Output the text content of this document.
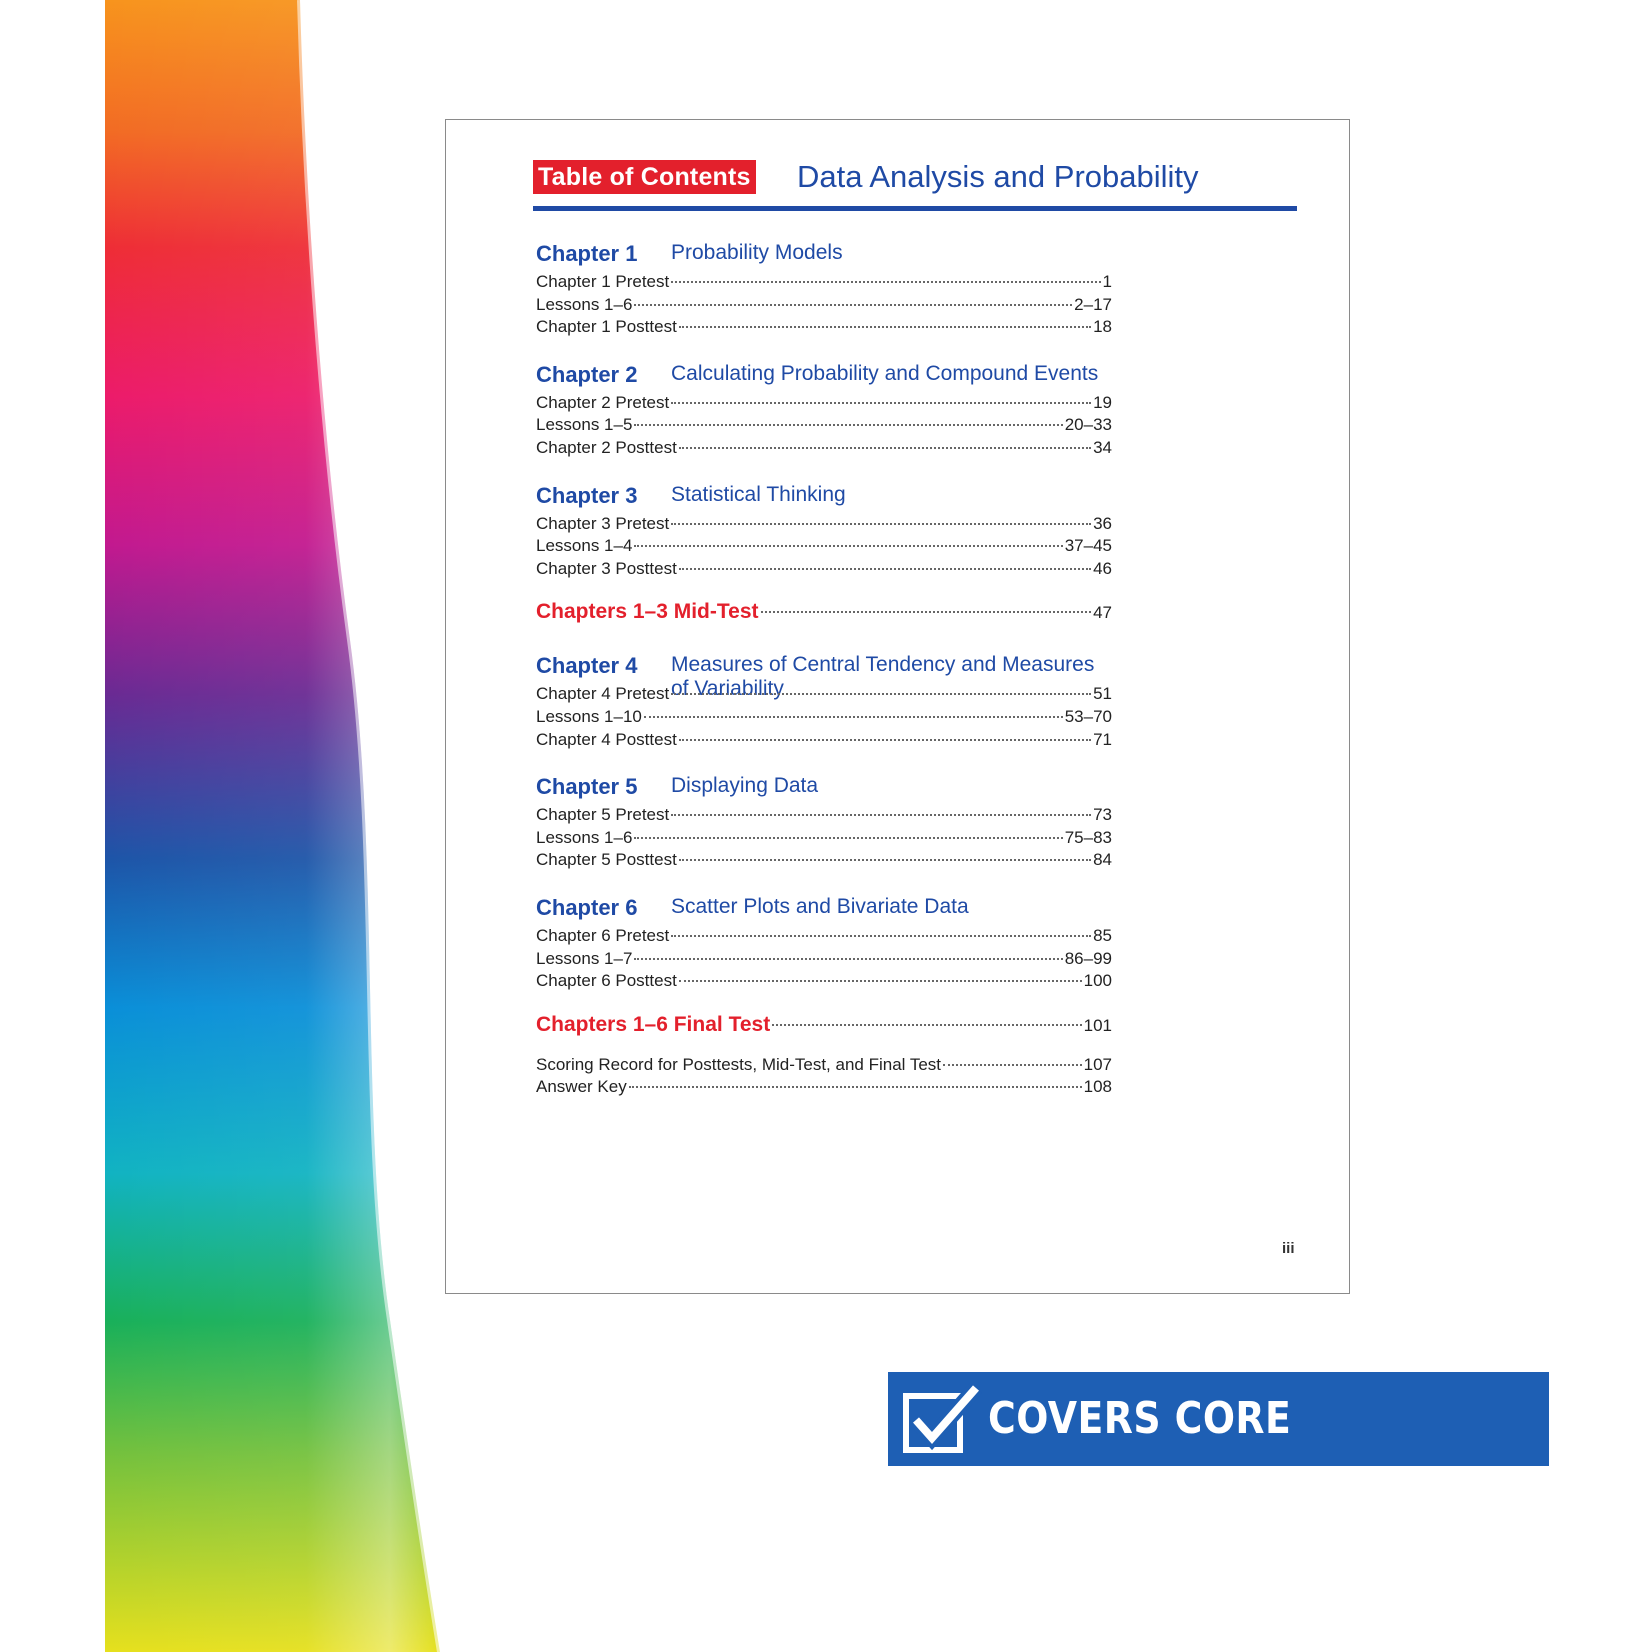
Table of Contents Data Analysis and Probability
Chapter 1 Probability Models
Chapter 1 Pretest	1
Lessons 1–6	2–17
Chapter 1 Posttest	18
Chapter 2 Calculating Probability and Compound Events
Chapter 2 Pretest	19
Lessons 1–5	20–33
Chapter 2 Posttest	34
Chapter 3 Statistical Thinking
Chapter 3 Pretest	36
Lessons 1–4	37–45
Chapter 3 Posttest	46
Chapters 1–3 Mid-Test	47
Chapter 4 Measures of Central Tendency and Measures of Variability
Chapter 4 Pretest	51
Lessons 1–10	53–70
Chapter 4 Posttest	71
Chapter 5 Displaying Data
Chapter 5 Pretest	73
Lessons 1–6	75–83
Chapter 5 Posttest	84
Chapter 6 Scatter Plots and Bivariate Data
Chapter 6 Pretest	85
Lessons 1–7	86–99
Chapter 6 Posttest	100
Chapters 1–6 Final Test	101
Scoring Record for Posttests, Mid-Test, and Final Test	107
Answer Key	108
iii
COVERS CORE CONCEPTS
